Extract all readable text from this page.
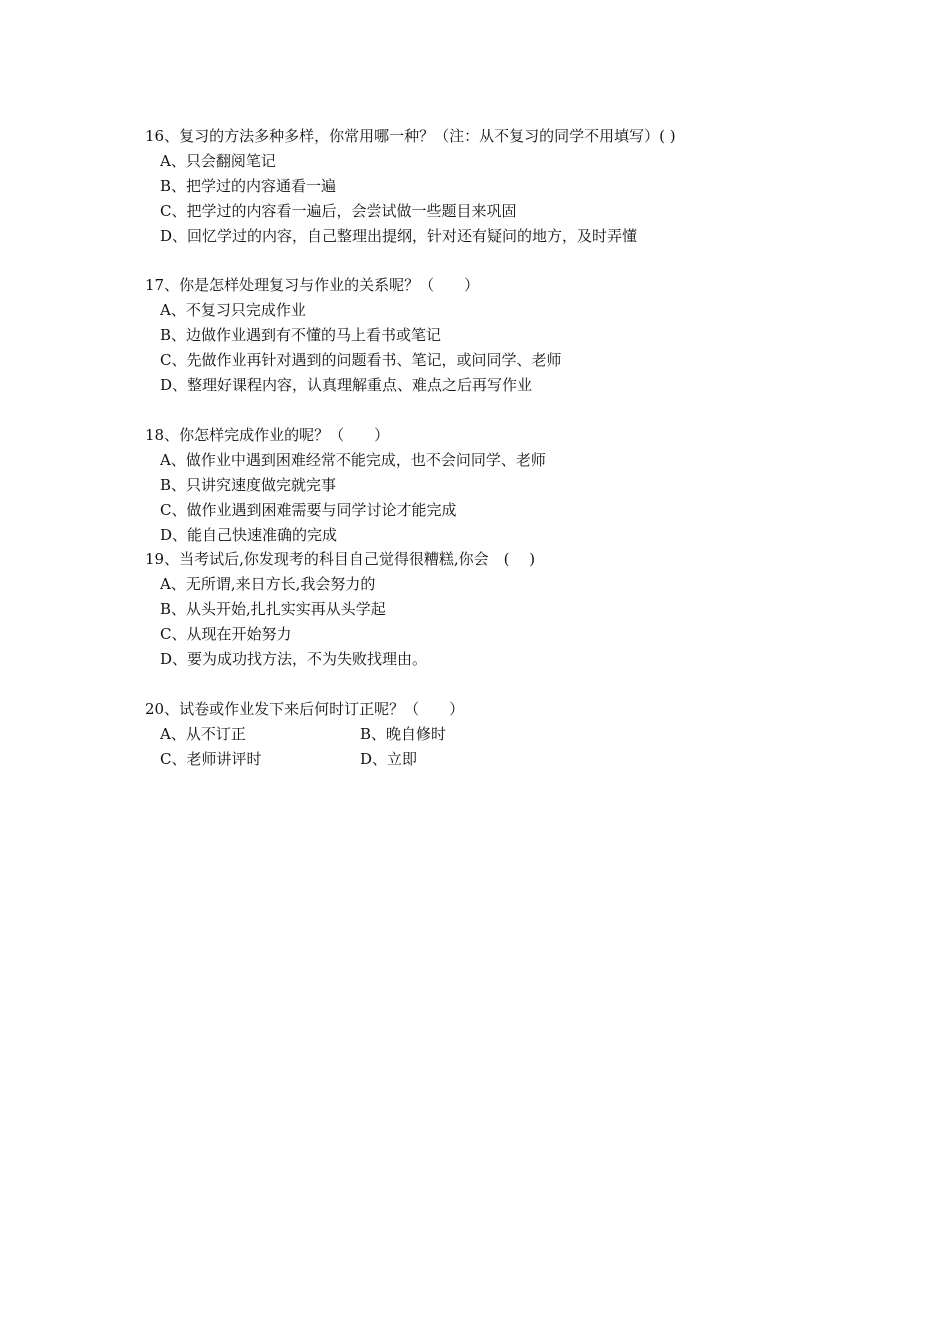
16、复习的方法多种多样，你常用哪一种？（注：从不复习的同学不用填写）( )
A、只会翻阅笔记
B、把学过的内容通看一遍
C、把学过的内容看一遍后，会尝试做一些题目来巩固
D、回忆学过的内容，自己整理出提纲，针对还有疑问的地方，及时弄懂
17、你是怎样处理复习与作业的关系呢？（　　）
A、不复习只完成作业
B、边做作业遇到有不懂的马上看书或笔记
C、先做作业再针对遇到的问题看书、笔记，或问同学、老师
D、整理好课程内容，认真理解重点、难点之后再写作业
18、你怎样完成作业的呢？（　　）
A、做作业中遇到困难经常不能完成，也不会问同学、老师
B、只讲究速度做完就完事
C、做作业遇到困难需要与同学讨论才能完成
D、能自己快速准确的完成
19、当考试后,你发现考的科目自己觉得很糟糕,你会　(　 )
A、无所谓,来日方长,我会努力的
B、从头开始,扎扎实实再从头学起
C、从现在开始努力
D、要为成功找方法，不为失败找理由。
20、试卷或作业发下来后何时订正呢？（　　）
A、从不订正	B、晚自修时
C、老师讲评时	D、立即
